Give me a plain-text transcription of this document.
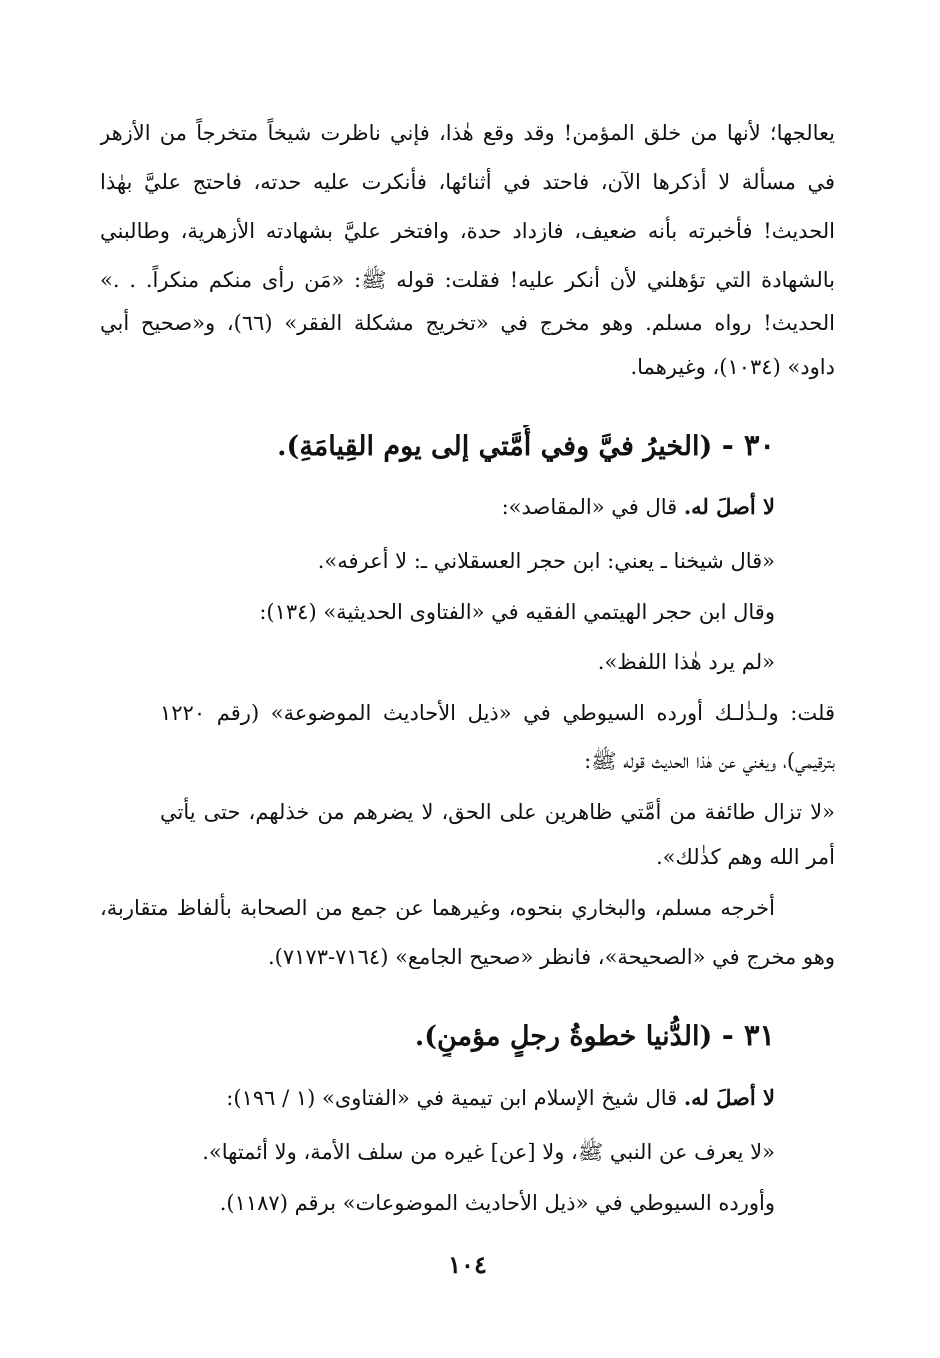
يعالجها؛ لأنها من خلق المؤمن! وقد وقع هٰذا، فإني ناظرت شيخاً متخرجاً من الأزهر
في مسألة لا أذكرها الآن، فاحتد في أثنائها، فأنكرت عليه حدته، فاحتج عليَّ بهٰذا
الحديث! فأخبرته بأنه ضعيف، فازداد حدة، وافتخر عليَّ بشهادته الأزهرية، وطالبني
بالشهادة التي تؤهلني لأن أنكر عليه! فقلت: قوله ﷺ: «مَن رأى منكم منكراً. . .»
الحديث! رواه مسلم. وهو مخرج في «تخريج مشكلة الفقر» (٦٦)، و«صحيح أبي
داود» (١٠٣٤)، وغيرهما.
٣٠ - (الخيرُ فيَّ وفي أُمَّتي إلى يوم القِيامَةِ).
لا أصلَ له. قال في «المقاصد»:
«قال شيخنا ـ يعني: ابن حجر العسقلاني ـ: لا أعرفه».
وقال ابن حجر الهيتمي الفقيه في «الفتاوى الحديثية» (١٣٤):
«لم يرد هٰذا اللفظ».
قلت: ولـذٰلـك أورده السيوطي في «ذيل الأحاديث الموضوعة» (رقم ١٢٢٠
بترقيمي)، ويغني عن هٰذا الحديث قوله ﷺ:
«لا تزال طائفة من أمَّتي ظاهرين على الحق، لا يضرهم من خذلهم، حتى يأتي
أمر الله وهم كذٰلك».
أخرجه مسلم، والبخاري بنحوه، وغيرهما عن جمع من الصحابة بألفاظ متقاربة،
وهو مخرج في «الصحيحة»، فانظر «صحيح الجامع» (٧١٦٤-٧١٧٣).
٣١ - (الدُّنيا خطوةُ رجلٍ مؤمنٍ).
لا أصلَ له. قال شيخ الإسلام ابن تيمية في «الفتاوى» (١ / ١٩٦):
«لا يعرف عن النبي ﷺ، ولا [عن] غيره من سلف الأمة، ولا أئمتها».
وأورده السيوطي في «ذيل الأحاديث الموضوعات» برقم (١١٨٧).
١٠٤
